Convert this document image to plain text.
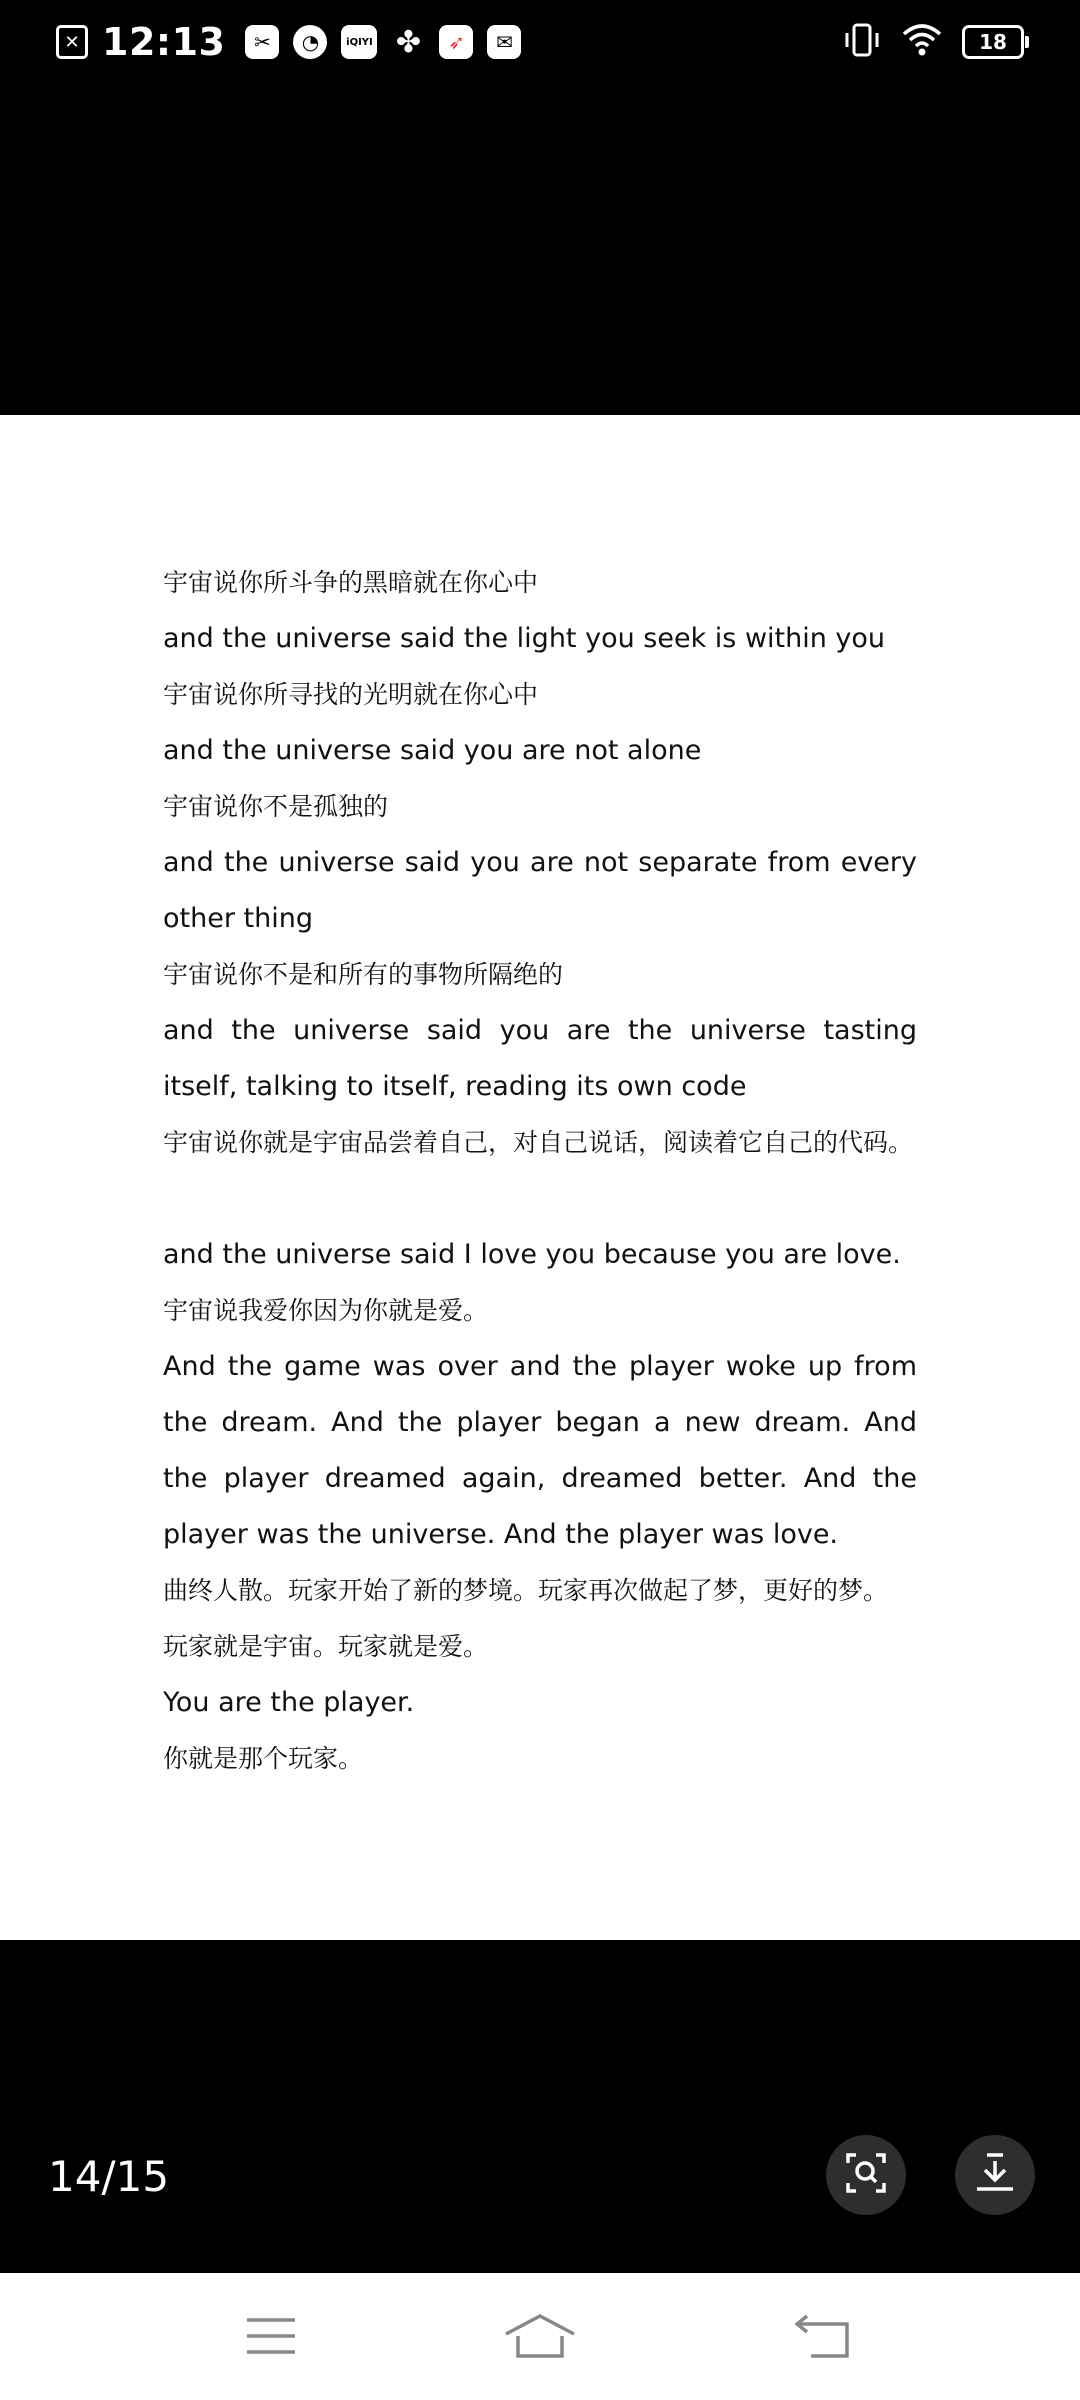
✕ 12:13	✂	◔	iQIYI ✤	➶	✉	18

宇宙说你所斗争的黑暗就在你心中

and the universe said the light you seek is within you

宇宙说你所寻找的光明就在你心中

and the universe said you are not alone

宇宙说你不是孤独的

and the universe said you are not separate from every other thing

宇宙说你不是和所有的事物所隔绝的

and the universe said you are the universe tasting itself, talking to itself, reading its own code

宇宙说你就是宇宙品尝着自己，对自己说话，阅读着它自己的代码。

and the universe said I love you because you are love.

宇宙说我爱你因为你就是爱。

And the game was over and the player woke up from the dream. And the player began a new dream. And the player dreamed again, dreamed better. And the player was the universe. And the player was love.

曲终人散。玩家开始了新的梦境。玩家再次做起了梦，更好的梦。

玩家就是宇宙。玩家就是爱。

You are the player.

你就是那个玩家。

14/15
